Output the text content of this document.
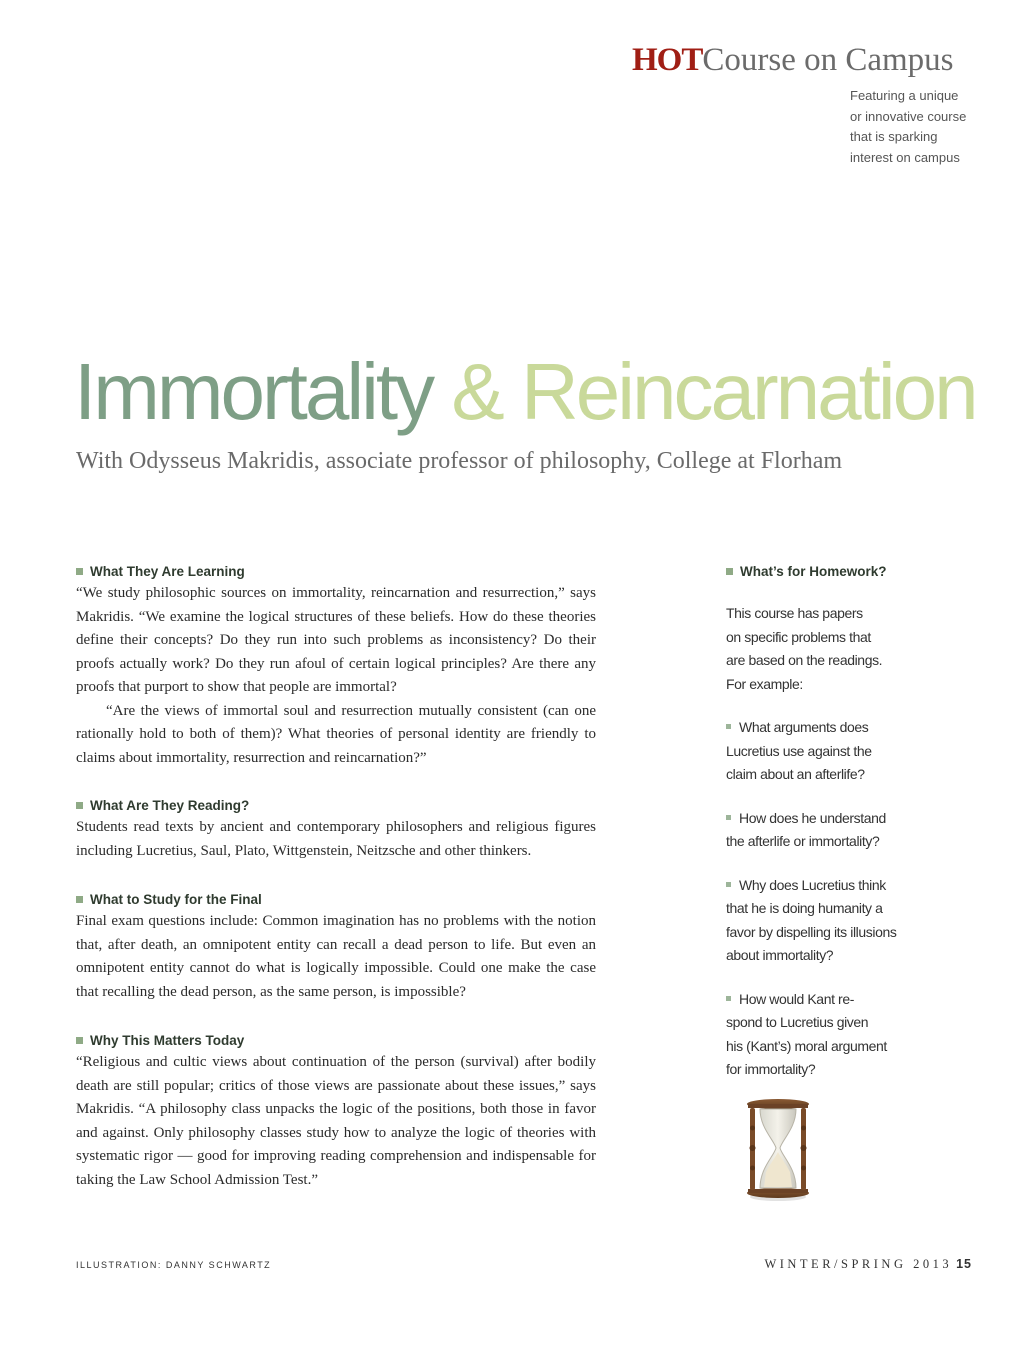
HOTCourse on Campus
Featuring a unique
or innovative course
that is sparking
interest on campus
Immortality & Reincarnation
With Odysseus Makridis, associate professor of philosophy, College at Florham
What They Are Learning

“We study philosophic sources on immortality, reincarnation and resurrection,” says Makridis. “We examine the logical structures of these beliefs. How do these theories define their concepts? Do they run into such problems as inconsistency? Do their proofs actually work? Do they run afoul of certain logical principles? Are there any proofs that purport to show that people are immortal?

“Are the views of immortal soul and resurrection mutually consistent (can one rationally hold to both of them)? What theories of personal identity are friendly to claims about immortality, resurrection and reincarnation?”

What Are They Reading?

Students read texts by ancient and contemporary philosophers and religious figures including Lucretius, Saul, Plato, Wittgenstein, Neitzsche and other thinkers.

What to Study for the Final

Final exam questions include: Common imagination has no problems with the notion that, after death, an omnipotent entity can recall a dead person to life. But even an omnipotent entity cannot do what is logically impossible. Could one make the case that recalling the dead person, as the same person, is impossible?

Why This Matters Today

“Religious and cultic views about continuation of the person (survival) after bodily death are still popular; critics of those views are passionate about these issues,” says Makridis. “A philosophy class unpacks the logic of the positions, both those in favor and against. Only philosophy classes study how to analyze the logic of theories with systematic rigor — good for improving reading comprehension and indispensable for taking the Law School Admission Test.”

What’s for Homework?
This course has papers
on specific problems that
are based on the readings.
For example:
What arguments does
Lucretius use against the
claim about an afterlife?
How does he understand
the afterlife or immortality?
Why does Lucretius think
that he is doing humanity a
favor by dispelling its illusions
about immortality?
How would Kant re-
spond to Lucretius given
his (Kant’s) moral argument
for immortality?
ILLUSTRATION: DANNY SCHWARTZ	WINTER/SPRING 2013 15
